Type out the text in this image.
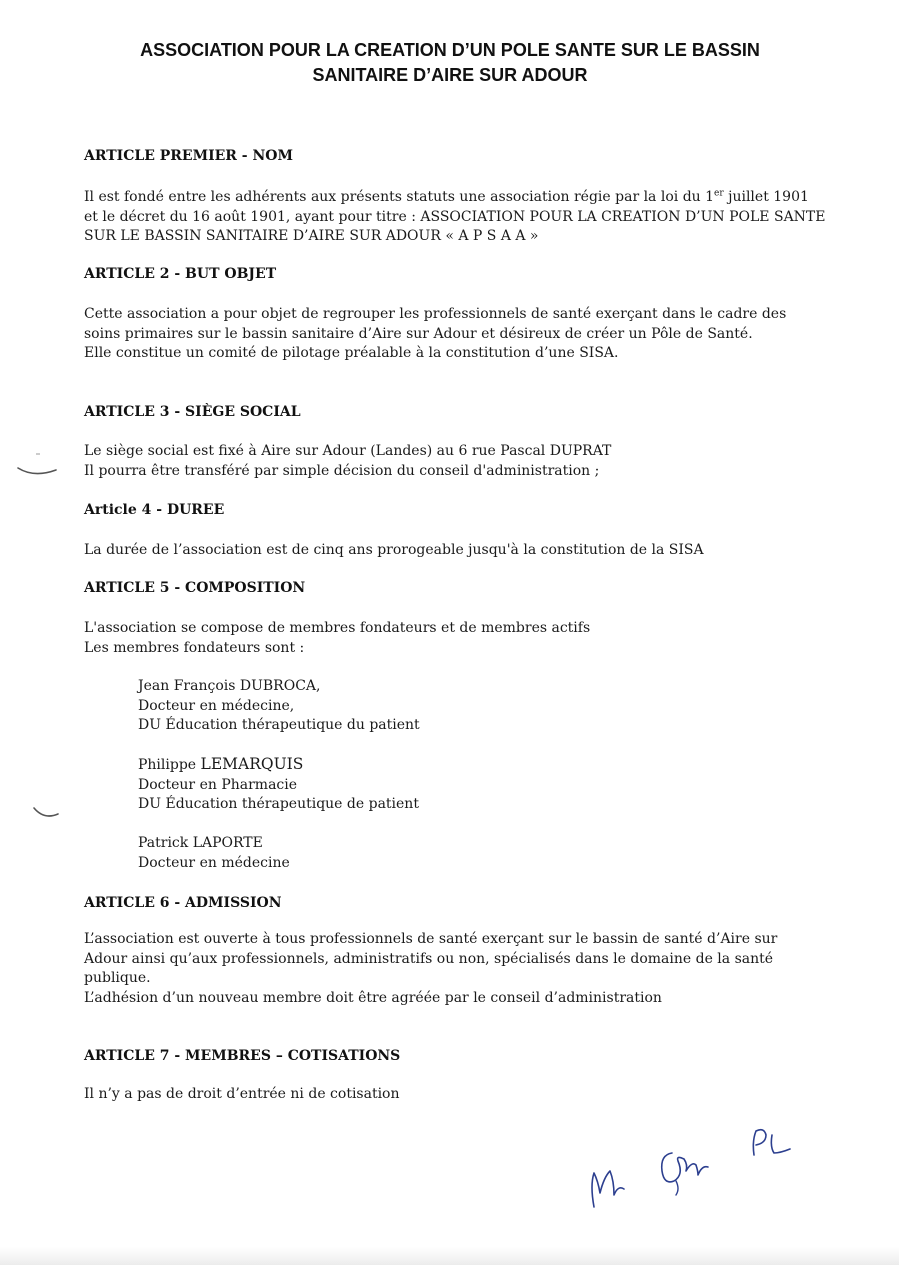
ASSOCIATION POUR LA CREATION D’UN POLE SANTE SUR LE BASSIN
SANITAIRE D’AIRE SUR ADOUR
ARTICLE PREMIER - NOM
Il est fondé entre les adhérents aux présents statuts une association régie par la loi du 1er juillet 1901
et le décret du 16 août 1901, ayant pour titre : ASSOCIATION POUR LA CREATION D’UN POLE SANTE
SUR LE BASSIN SANITAIRE D’AIRE SUR ADOUR « A P S A A »
ARTICLE 2 - BUT OBJET
Cette association a pour objet de regrouper les professionnels de santé exerçant dans le cadre des
soins primaires sur le bassin sanitaire d’Aire sur Adour et désireux de créer un Pôle de Santé.
Elle constitue un comité de pilotage préalable à la constitution d’une SISA.
ARTICLE 3 - SIÈGE SOCIAL
Le siège social est fixé à Aire sur Adour (Landes) au 6 rue Pascal DUPRAT
Il pourra être transféré par simple décision du conseil d'administration ;
Article 4 - DUREE
La durée de l’association est de cinq ans prorogeable jusqu'à la constitution de la SISA
ARTICLE 5 - COMPOSITION
L'association se compose de membres fondateurs et de membres actifs
Les membres fondateurs sont :
Jean François DUBROCA,
Docteur en médecine,
DU Éducation thérapeutique du patient
Philippe LEMARQUIS
Docteur en Pharmacie
DU Éducation thérapeutique de patient
Patrick LAPORTE
Docteur en médecine
ARTICLE 6 - ADMISSION
L’association est ouverte à tous professionnels de santé exerçant sur le bassin de santé d’Aire sur
Adour ainsi qu’aux professionnels, administratifs ou non, spécialisés dans le domaine de la santé
publique.
L’adhésion d’un nouveau membre doit être agréée par le conseil d’administration
ARTICLE 7 - MEMBRES – COTISATIONS
Il n’y a pas de droit d’entrée ni de cotisation
